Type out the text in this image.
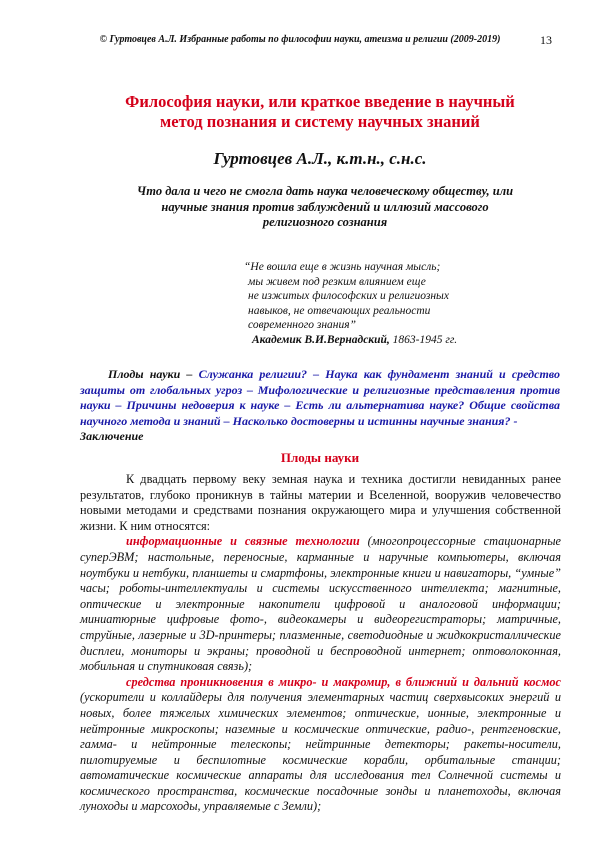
© Гуртовцев А.Л. Избранные работы по философии науки, атеизма и религии (2009-2019)	13
Философия науки, или краткое введение в научный
метод познания и систему научных знаний
Гуртовцев А.Л., к.т.н., с.н.с.
Что дала и чего не смогла дать наука человеческому обществу, или
научные знания против заблуждений и иллюзий массового
религиозного сознания
“Не вошла еще в жизнь научная мысль;
мы живем под резким влиянием еще
не изжитых философских и религиозных
навыков, не отвечающих реальности
современного знания”
Академик В.И.Вернадский, 1863-1945 гг.
Плоды науки – Служанка религии? – Наука как фундамент знаний и средство защиты от глобальных угроз – Мифологические и религиозные представления против науки – Причины недоверия к науке – Есть ли альтернатива науке? Общие свойства научного метода и знаний – Насколько достоверны и истинны научные знания? -
Заключение
Плоды науки

К двадцать первому веку земная наука и техника достигли невиданных ранее результатов, глубоко проникнув в тайны материи и Вселенной, вооружив человечество новыми методами и средствами познания окружающего мира и улучшения собственной жизни. К ним относятся:

информационные и связные технологии (многопроцессорные стационарные суперЭВМ; настольные, переносные, карманные и наручные компьютеры, включая ноутбуки и нетбуки, планшеты и смартфоны, электронные книги и навигаторы, “умные” часы; роботы-интеллектуалы и системы искусственного интеллекта; магнитные, оптические и электронные накопители цифровой и аналоговой информации; миниатюрные цифровые фото-, видеокамеры и видеорегистраторы; матричные, струйные, лазерные и 3D-принтеры; плазменные, светодиодные и жидкокристаллические дисплеи, мониторы и экраны; проводной и беспроводной интернет; оптоволоконная, мобильная и спутниковая связь);

средства проникновения в микро- и макромир, в ближний и дальний космос (ускорители и коллайдеры для получения элементарных частиц сверхвысоких энергий и новых, более тяжелых химических элементов; оптические, ионные, электронные и нейтронные микроскопы; наземные и космические оптические, радио-, рентгеновские, гамма- и нейтронные телескопы; нейтринные детекторы; ракеты-носители, пилотируемые и беспилотные космические корабли, орбитальные станции; автоматические космические аппараты для исследования тел Солнечной системы и космического пространства, космические посадочные зонды и планетоходы, включая луноходы и марсоходы, управляемые с Земли);
